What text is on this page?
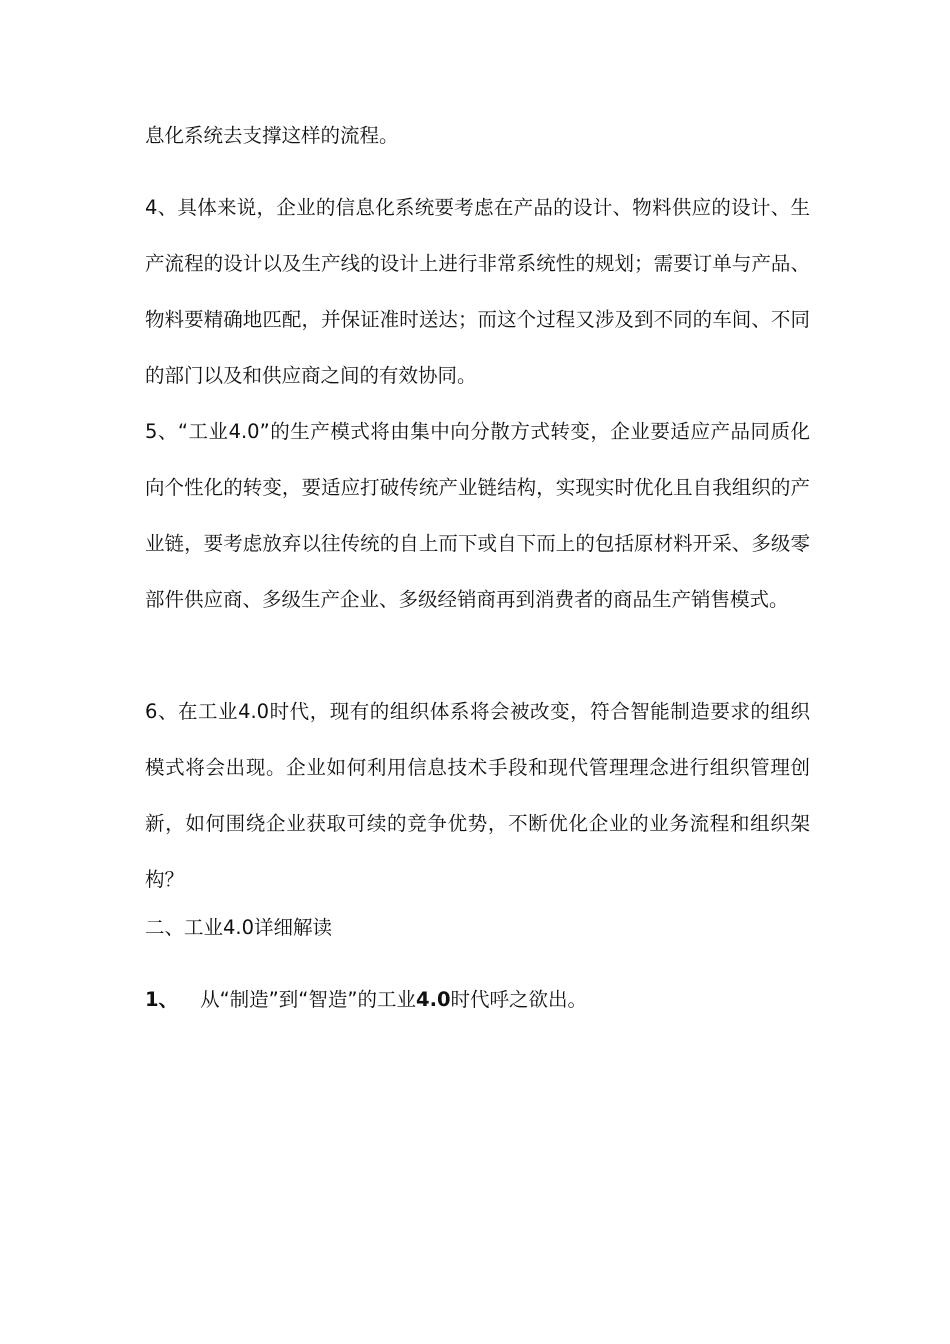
息化系统去支撑这样的流程。

4、具体来说，企业的信息化系统要考虑在产品的设计、物料供应的设计、生产流程的设计以及生产线的设计上进行非常系统性的规划；需要订单与产品、物料要精确地匹配，并保证准时送达；而这个过程又涉及到不同的车间、不同的部门以及和供应商之间的有效协同。

5、“工业4.0”的生产模式将由集中向分散方式转变，企业要适应产品同质化向个性化的转变，要适应打破传统产业链结构，实现实时优化且自我组织的产业链，要考虑放弃以往传统的自上而下或自下而上的包括原材料开采、多级零部件供应商、多级生产企业、多级经销商再到消费者的商品生产销售模式。

6、在工业4.0时代，现有的组织体系将会被改变，符合智能制造要求的组织模式将会出现。企业如何利用信息技术手段和现代管理理念进行组织管理创新，如何围绕企业获取可续的竞争优势，不断优化企业的业务流程和组织架构？

二、工业4.0详细解读

1、 从“制造”到“智造”的工业4.0时代呼之欲出。
